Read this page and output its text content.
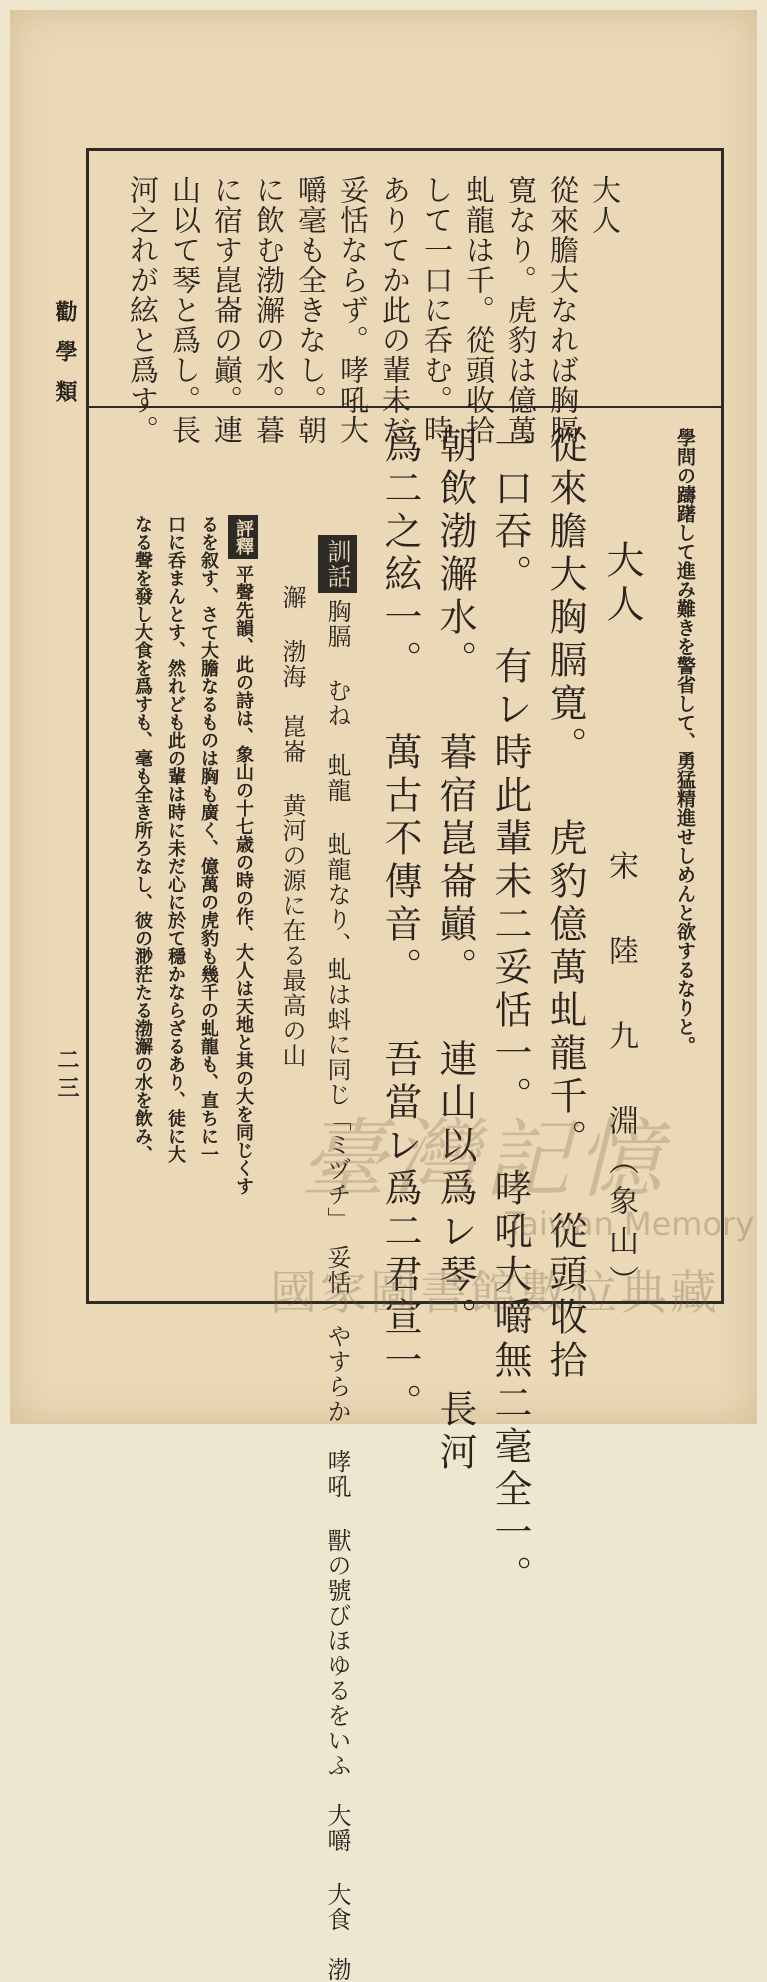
勸學類
二三
大人
從來膽大なれば胸膈
寛なり。虎豹は億萬
虬龍は千。從頭收拾
して一口に呑む。時
ありてか此の輩未だ
妥恬ならず。哮吼大
嚼毫も全きなし。朝
に飲む渤澥の水。暮
に宿す崑崙の巓。連
山以て琴と爲し。長
河之れが絃と爲す。
學問の躊躇して進み難きを警省して、勇猛精進せしめんと欲するなりと。
大人
宋 陸 九 淵（象山）
從來膽大胸膈寛。 虎豹億萬虬龍千。 從頭收拾
一口吞。 有レ時此輩未二妥恬一。 哮吼大嚼無二毫全一。
朝飲渤澥水。 暮宿崑崙巓。 連山以爲レ琴。 長河
爲二之絃一。 萬古不傳音。 吾當レ爲二君宣一。
訓話胸膈 むね　虬龍 虬龍なり、虬は蚪に同じ「ミヅチ」　妥恬 やすらか　哮吼 獸の號びほゆるをいふ　大嚼 大食　渤
澥 渤海　崑崙 黄河の源に在る最高の山
評釋平聲先韻、此の詩は、象山の十七歳の時の作、大人は天地と其の大を同じくす
るを叙す、さて大膽なるものは胸も廣く、億萬の虎豹も幾千の虬龍も、直ちに一
口に呑まんとす、然れども此の輩は時に未だ心に於て穩かならざるあり、徒に大
なる聲を發し大食を爲すも、毫も全き所ろなし、彼の渺茫たる渤澥の水を飲み、 臺灣記憶
Taiwan Memory
國家圖書館數位典藏
